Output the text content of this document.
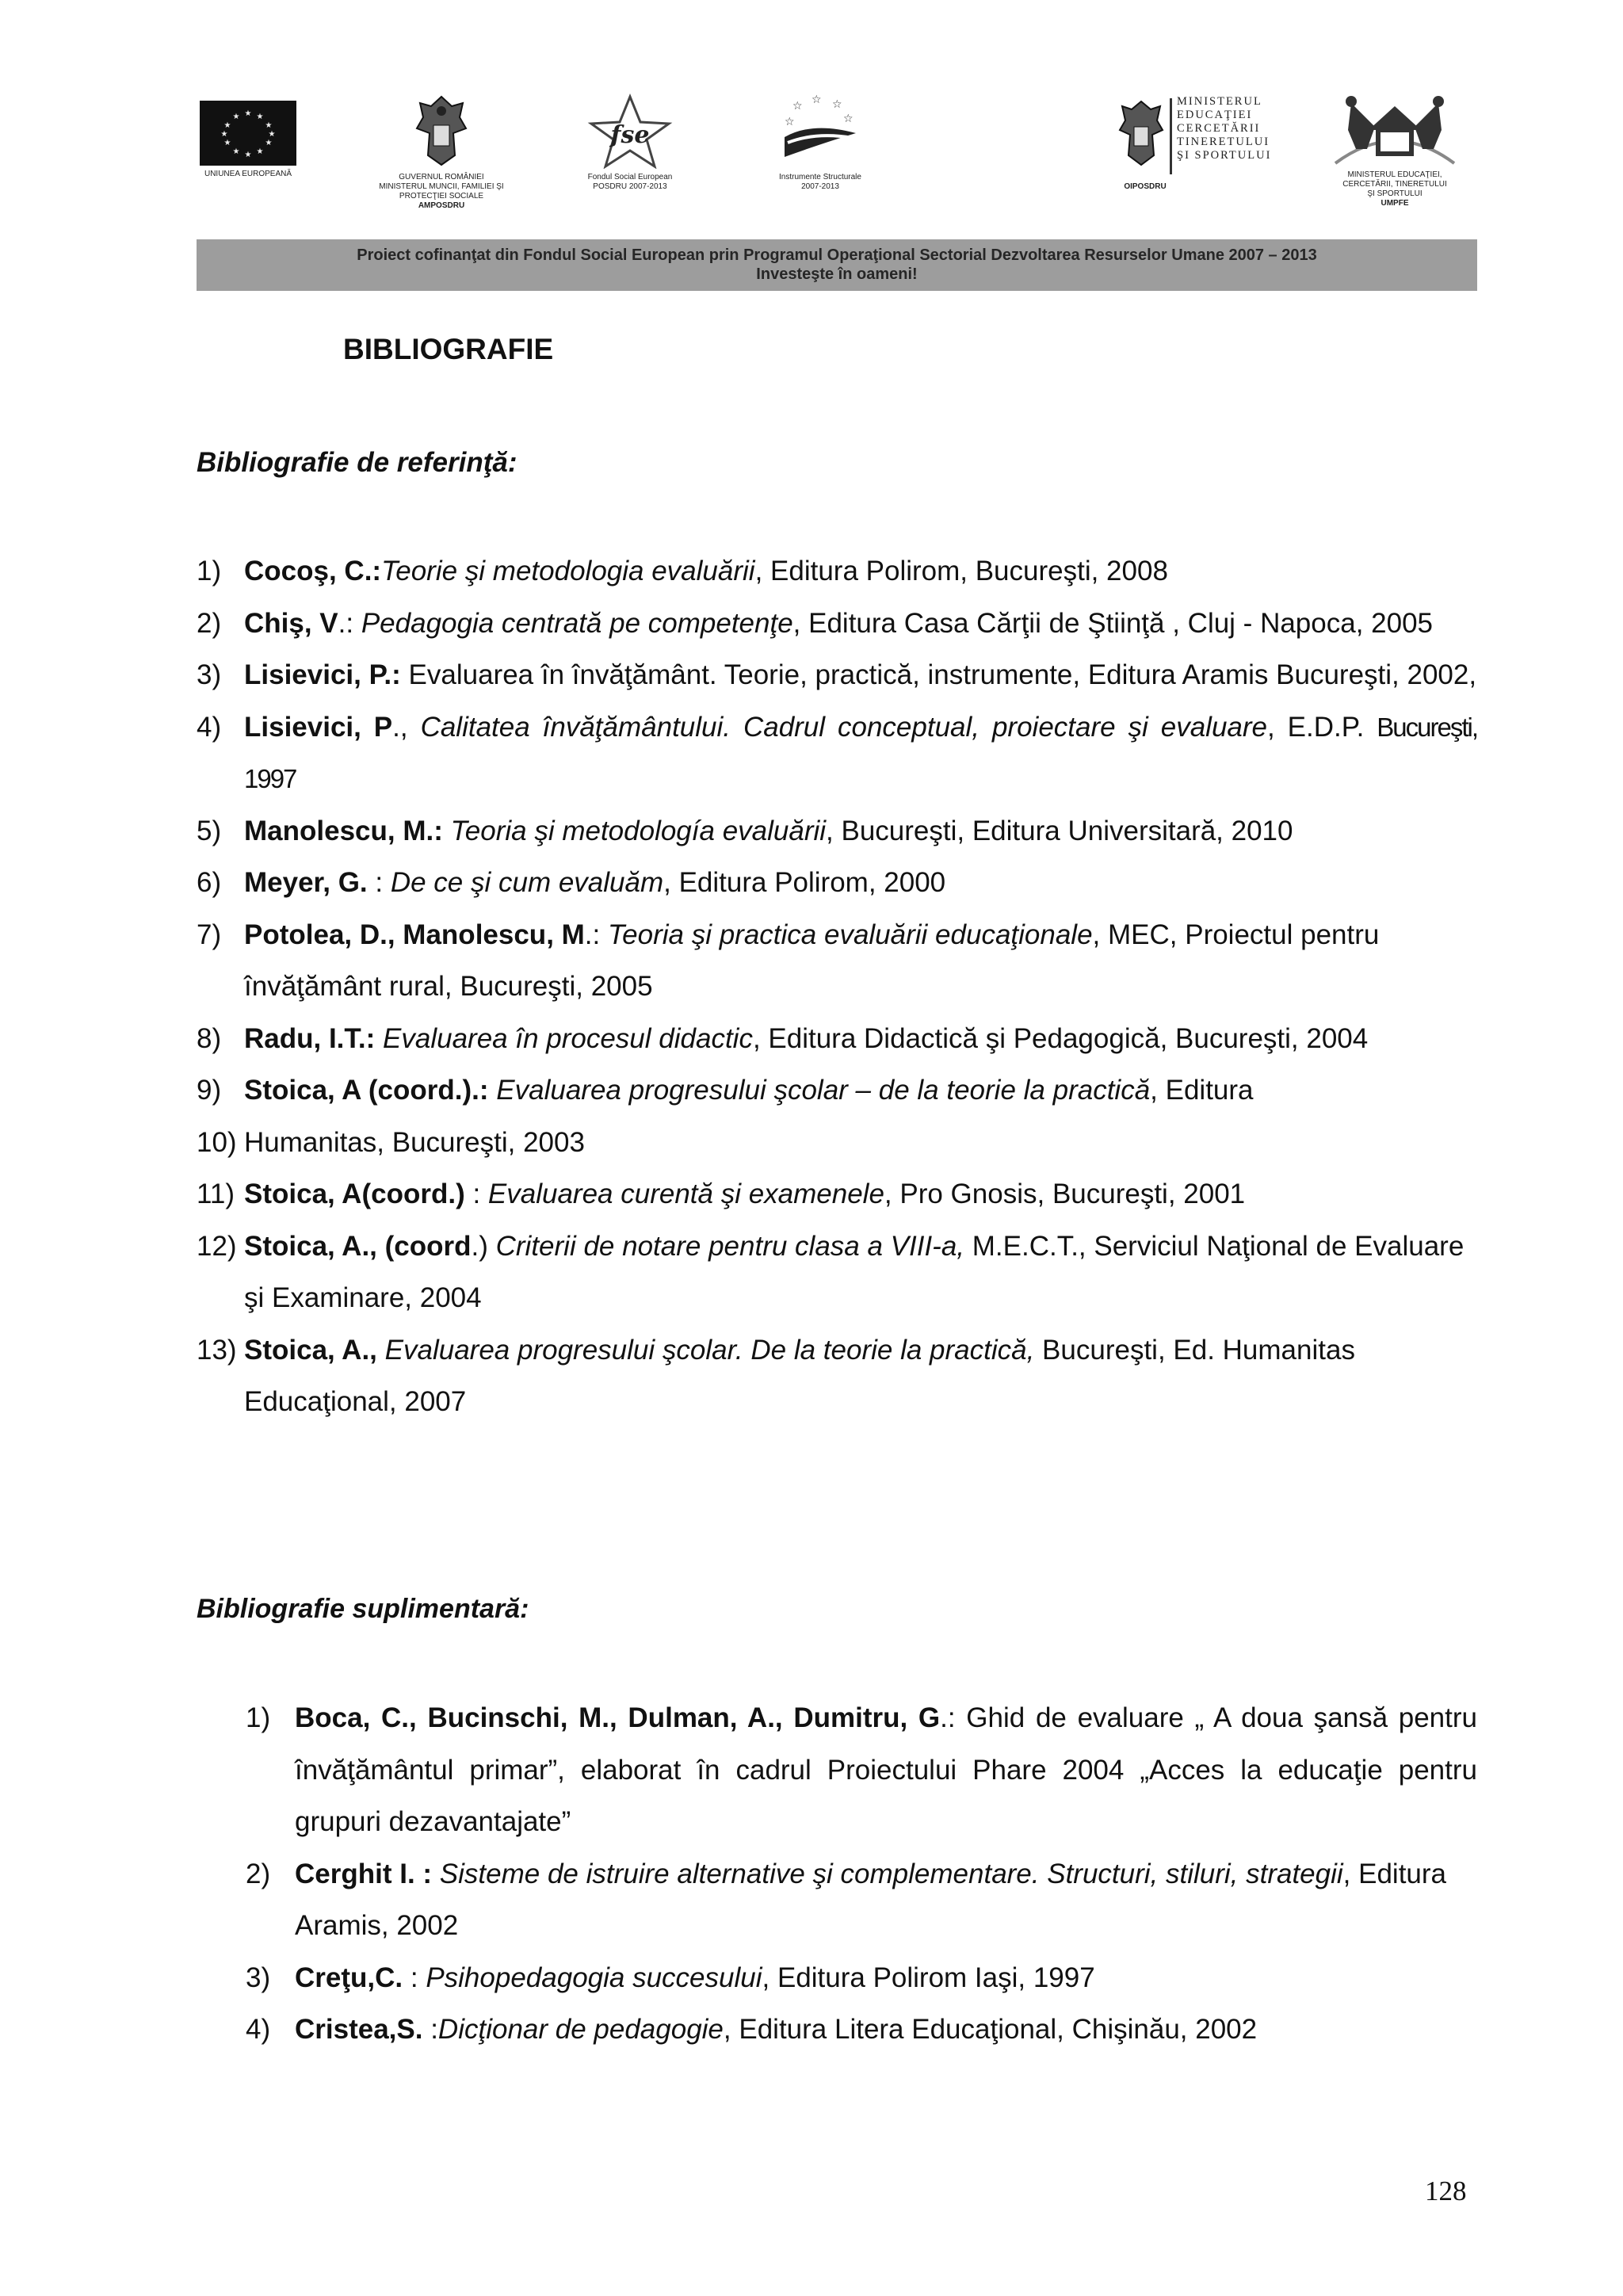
★ ★
★
★
★
★
★
★
★
★
★
★
UNIUNEA EUROPEANĂ	GUVERNUL ROMÂNIEI
MINISTERUL MUNCII, FAMILIEI ŞI
PROTECŢIEI SOCIALE
AMPOSDRU
fse
Fondul Social European
POSDRU 2007-2013
☆ ☆ ☆
☆
☆
Instrumente Structurale
2007-2013
MINISTERUL
EDUCAŢIEI
CERCETĂRII
TINERETULUI
ŞI SPORTULUI
OIPOSDRU
MINISTERUL EDUCAŢIEI,
CERCETĂRII, TINERETULUI
ŞI SPORTULUI
UMPFE
Proiect cofinanţat din Fondul Social European prin Programul Operaţional Sectorial Dezvoltarea Resurselor Umane 2007 – 2013
Investeşte în oameni!
BIBLIOGRAFIE
Bibliografie de referinţă:
1) Cocoş, C.:Teorie şi metodologia evaluării, Editura Polirom, Bucureşti, 2008
2) Chiş, V.: Pedagogia centrată pe competenţe, Editura Casa Cărţii de Ştiinţă , Cluj - Napoca, 2005
3) Lisievici, P.: Evaluarea în învăţământ. Teorie, practică, instrumente, Editura Aramis Bucureşti, 2002,
4) Lisievici, P., Calitatea învăţământului. Cadrul conceptual, proiectare şi evaluare, E.D.P. Bucureşti, 1997
5) Manolescu, M.: Teoria şi metodología evaluării, Bucureşti, Editura Universitară, 2010
6) Meyer, G. : De ce şi cum evaluăm, Editura Polirom, 2000
7) Potolea, D., Manolescu, M.: Teoria şi practica evaluării educaţionale, MEC, Proiectul pentru învăţământ rural, Bucureşti, 2005
8) Radu, I.T.: Evaluarea în procesul didactic, Editura Didactică şi Pedagogică, Bucureşti, 2004
9) Stoica, A (coord.).: Evaluarea progresului şcolar – de la teorie la practică, Editura
10) Humanitas, Bucureşti, 2003
11) Stoica, A(coord.) : Evaluarea curentă şi examenele, Pro Gnosis, Bucureşti, 2001
12) Stoica, A., (coord.) Criterii de notare pentru clasa a VIII-a, M.E.C.T., Serviciul Naţional de Evaluare şi Examinare, 2004
13) Stoica, A., Evaluarea progresului şcolar. De la teorie la practică, Bucureşti, Ed. Humanitas Educaţional, 2007
Bibliografie suplimentară:
1) Boca, C., Bucinschi, M., Dulman, A., Dumitru, G.: Ghid de evaluare „ A doua şansă pentru învăţământul primar”, elaborat în cadrul Proiectului Phare 2004 „Acces la educaţie pentru grupuri dezavantajate”
2) Cerghit I. : Sisteme de istruire alternative şi complementare. Structuri, stiluri, strategii, Editura Aramis, 2002
3) Creţu,C. : Psihopedagogia succesului, Editura Polirom Iaşi, 1997
4) Cristea,S. :Dicţionar de pedagogie, Editura Litera Educaţional, Chişinău, 2002

128
